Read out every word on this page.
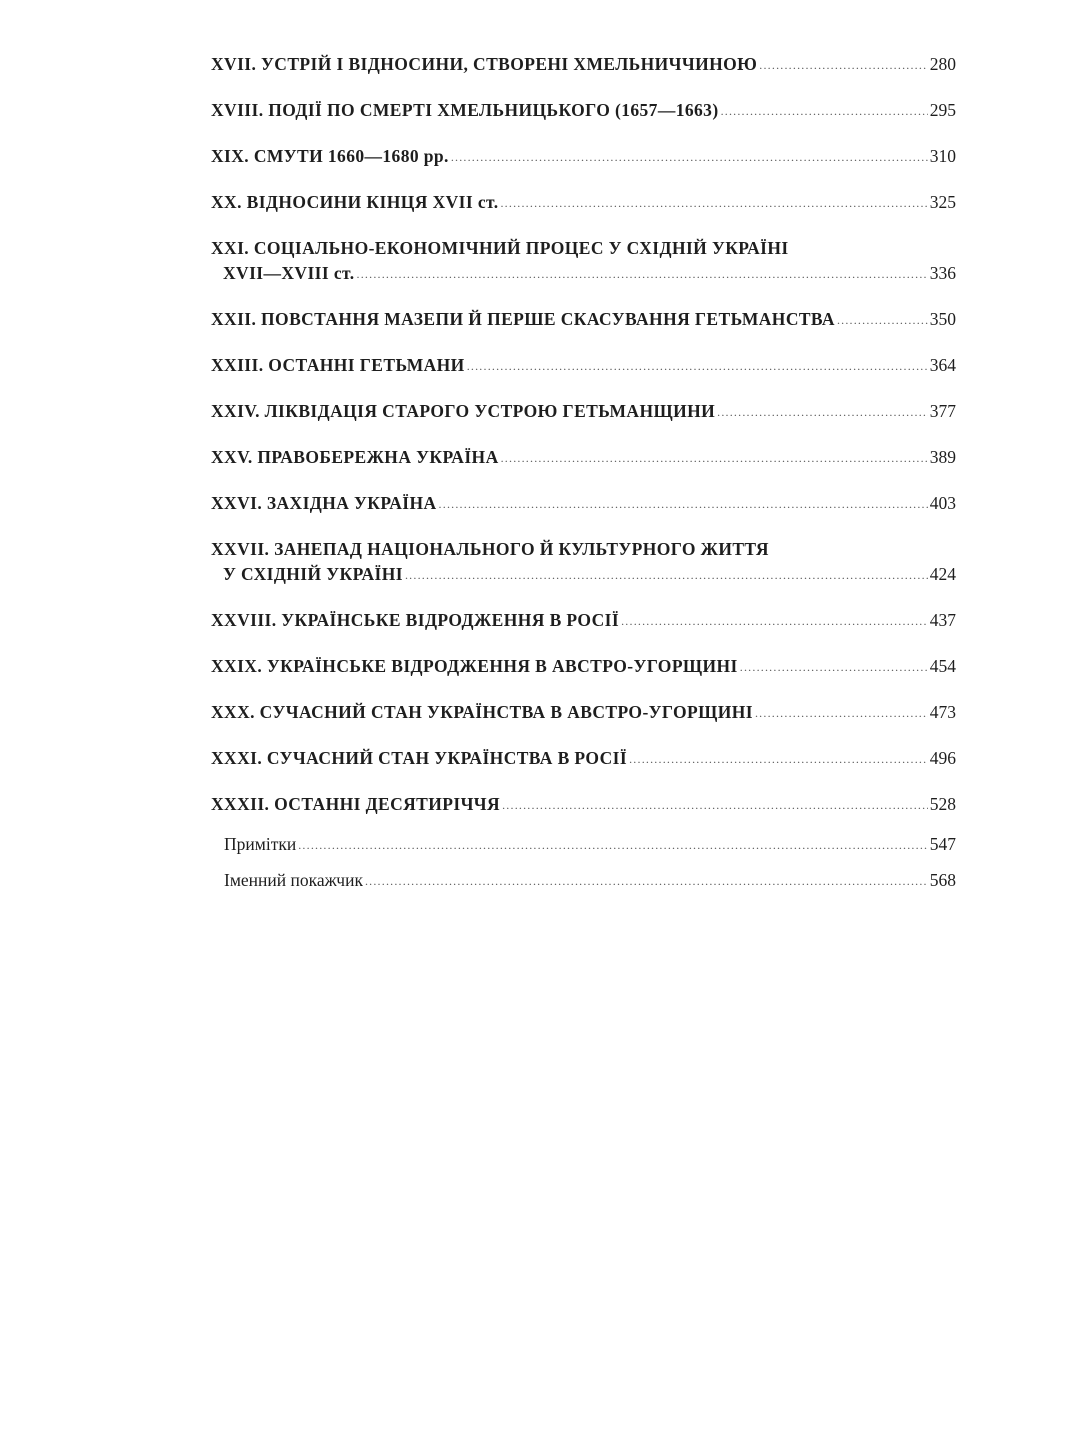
XVII. УСТРІЙ І ВІДНОСИНИ, СТВОРЕНІ ХМЕЛЬНИЧЧИНОЮ .....	280
XVIII. ПОДІЇ ПО СМЕРТІ ХМЕЛЬНИЦЬКОГО (1657—1663) .....	295
XIX. СМУТИ 1660—1680 рр. .....	310
XX. ВІДНОСИНИ КІНЦЯ XVII ст. .....	325
XXI. СОЦІАЛЬНО-ЕКОНОМІЧНИЙ ПРОЦЕС У СХІДНІЙ УКРАЇНІ
XVII—XVIII ст. .....	336
XXII. ПОВСТАННЯ МАЗЕПИ Й ПЕРШЕ СКАСУВАННЯ ГЕТЬМАНСТВА .....	350
XXIII. ОСТАННІ ГЕТЬМАНИ .....	364
XXIV. ЛІКВІДАЦІЯ СТАРОГО УСТРОЮ ГЕТЬМАНЩИНИ .....	377
XXV. ПРАВОБЕРЕЖНА УКРАЇНА .....	389
XXVI. ЗАХІДНА УКРАЇНА .....	403
XXVII. ЗАНЕПАД НАЦІОНАЛЬНОГО Й КУЛЬТУРНОГО ЖИТТЯ
У СХІДНІЙ УКРАЇНІ .....	424
XXVIII. УКРАЇНСЬКЕ ВІДРОДЖЕННЯ В РОСІЇ .....	437
XXIX. УКРАЇНСЬКЕ ВІДРОДЖЕННЯ В АВСТРО-УГОРЩИНІ .....	454
XXX. СУЧАСНИЙ СТАН УКРАЇНСТВА В АВСТРО-УГОРЩИНІ .....	473
XXXI. СУЧАСНИЙ СТАН УКРАЇНСТВА В РОСІЇ .....	496
XXXII. ОСТАННІ ДЕСЯТИРІЧЧЯ .....	528
Примітки .....	547
Іменний покажчик .....	568
